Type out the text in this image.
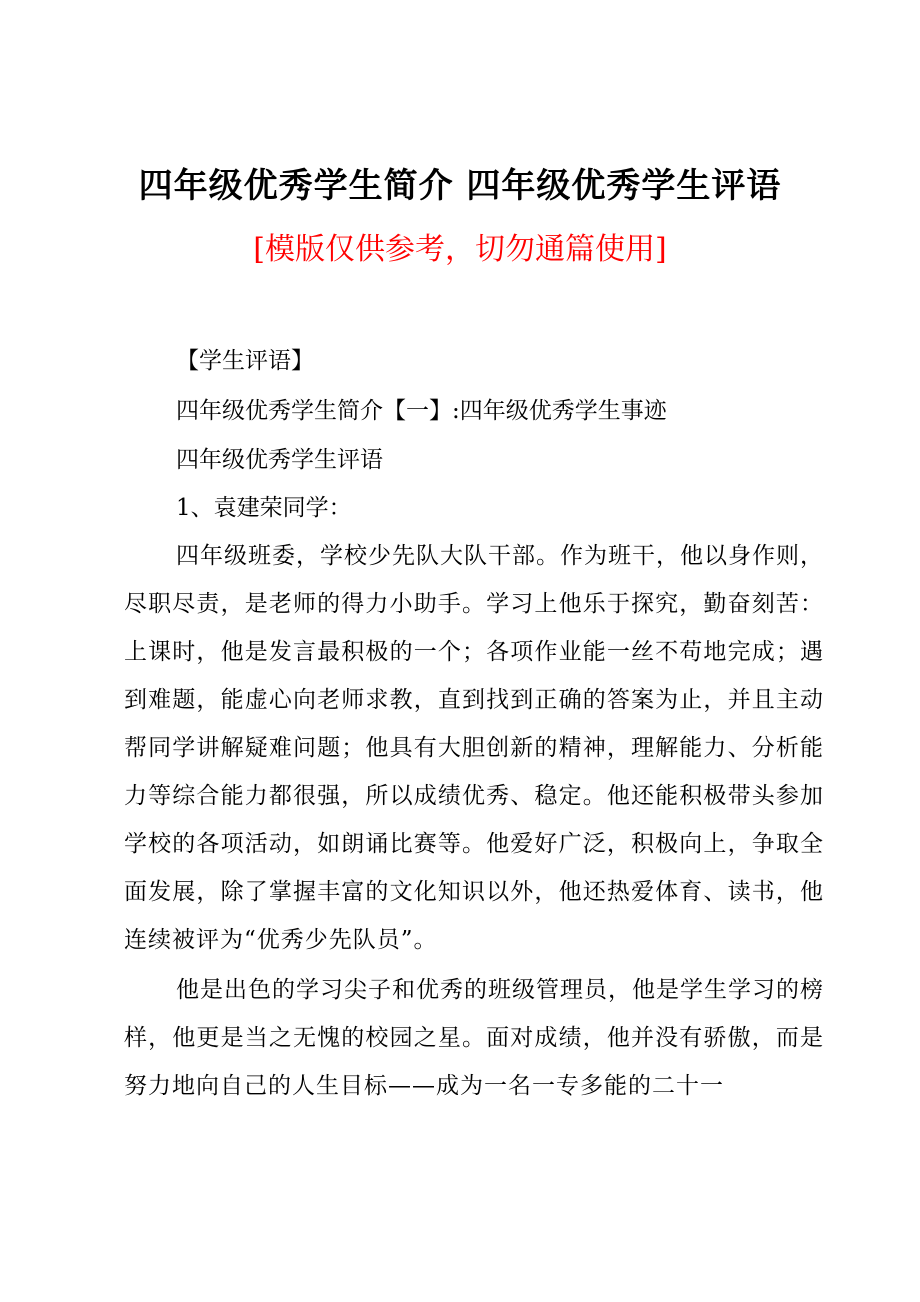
四年级优秀学生简介 四年级优秀学生评语
[模版仅供参考，切勿通篇使用]
【学生评语】
四年级优秀学生简介【一】:四年级优秀学生事迹
四年级优秀学生评语
1、袁建荣同学：

四年级班委，学校少先队大队干部。作为班干，他以身作则，尽职尽责，是老师的得力小助手。学习上他乐于探究，勤奋刻苦：上课时，他是发言最积极的一个；各项作业能一丝不苟地完成；遇到难题，能虚心向老师求教，直到找到正确的答案为止，并且主动帮同学讲解疑难问题；他具有大胆创新的精神，理解能力、分析能力等综合能力都很强，所以成绩优秀、稳定。他还能积极带头参加学校的各项活动，如朗诵比赛等。他爱好广泛，积极向上，争取全面发展，除了掌握丰富的文化知识以外，他还热爱体育、读书，他连续被评为“优秀少先队员”。

他是出色的学习尖子和优秀的班级管理员，他是学生学习的榜样，他更是当之无愧的校园之星。面对成绩，他并没有骄傲，而是努力地向自己的人生目标——成为一名一专多能的二十一
